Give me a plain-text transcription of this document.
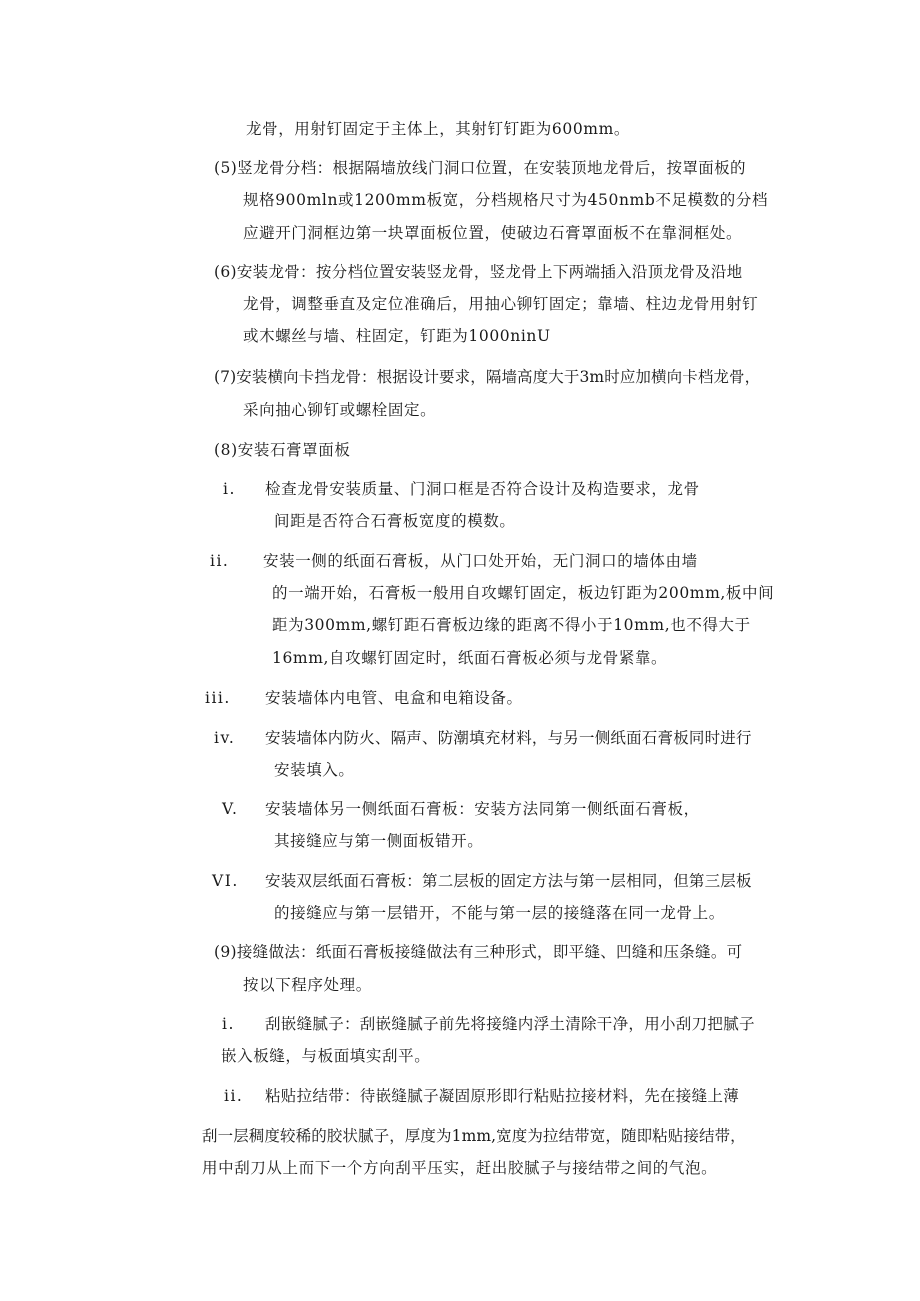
龙骨，用射钉固定于主体上，其射钉钉距为600mm。
(5)竖龙骨分档：根据隔墙放线门洞口位置，在安装顶地龙骨后，按罩面板的
规格900mln或1200mm板宽，分档规格尺寸为450nmb不足模数的分档
应避开门洞框边第一块罩面板位置，使破边石膏罩面板不在靠洞框处。
(6)安装龙骨：按分档位置安装竖龙骨，竖龙骨上下两端插入沿顶龙骨及沿地
龙骨，调整垂直及定位准确后，用抽心铆钉固定；靠墙、柱边龙骨用射钉
或木螺丝与墙、柱固定，钉距为1000ninU
(7)安装横向卡挡龙骨：根据设计要求，隔墙高度大于3m时应加横向卡档龙骨，
采向抽心铆钉或螺栓固定。
(8)安装石膏罩面板
i. 检查龙骨安装质量、门洞口框是否符合设计及构造要求，龙骨
间距是否符合石膏板宽度的模数。
ii. 安装一侧的纸面石膏板，从门口处开始，无门洞口的墙体由墙
的一端开始，石膏板一般用自攻螺钉固定，板边钉距为200mm,板中间
距为300mm,螺钉距石膏板边缘的距离不得小于10mm,也不得大于
16mm,自攻螺钉固定时，纸面石膏板必须与龙骨紧靠。
iii. 安装墙体内电管、电盒和电箱设备。
iv. 安装墙体内防火、隔声、防潮填充材料，与另一侧纸面石膏板同时进行
安装填入。
V. 安装墙体另一侧纸面石膏板：安装方法同第一侧纸面石膏板，
其接缝应与第一侧面板错开。
VI. 安装双层纸面石膏板：第二层板的固定方法与第一层相同，但第三层板
的接缝应与第一层错开，不能与第一层的接缝落在同一龙骨上。
(9)接缝做法：纸面石膏板接缝做法有三种形式，即平缝、凹缝和压条缝。可
按以下程序处理。
i. 刮嵌缝腻子：刮嵌缝腻子前先将接缝内浮土清除干净，用小刮刀把腻子
嵌入板缝，与板面填实刮平。
ii. 粘贴拉结带：待嵌缝腻子凝固原形即行粘贴拉接材料，先在接缝上薄
刮一层稠度较稀的胶状腻子，厚度为1mm,宽度为拉结带宽，随即粘贴接结带，
用中刮刀从上而下一个方向刮平压实，赶出胶腻子与接结带之间的气泡。
